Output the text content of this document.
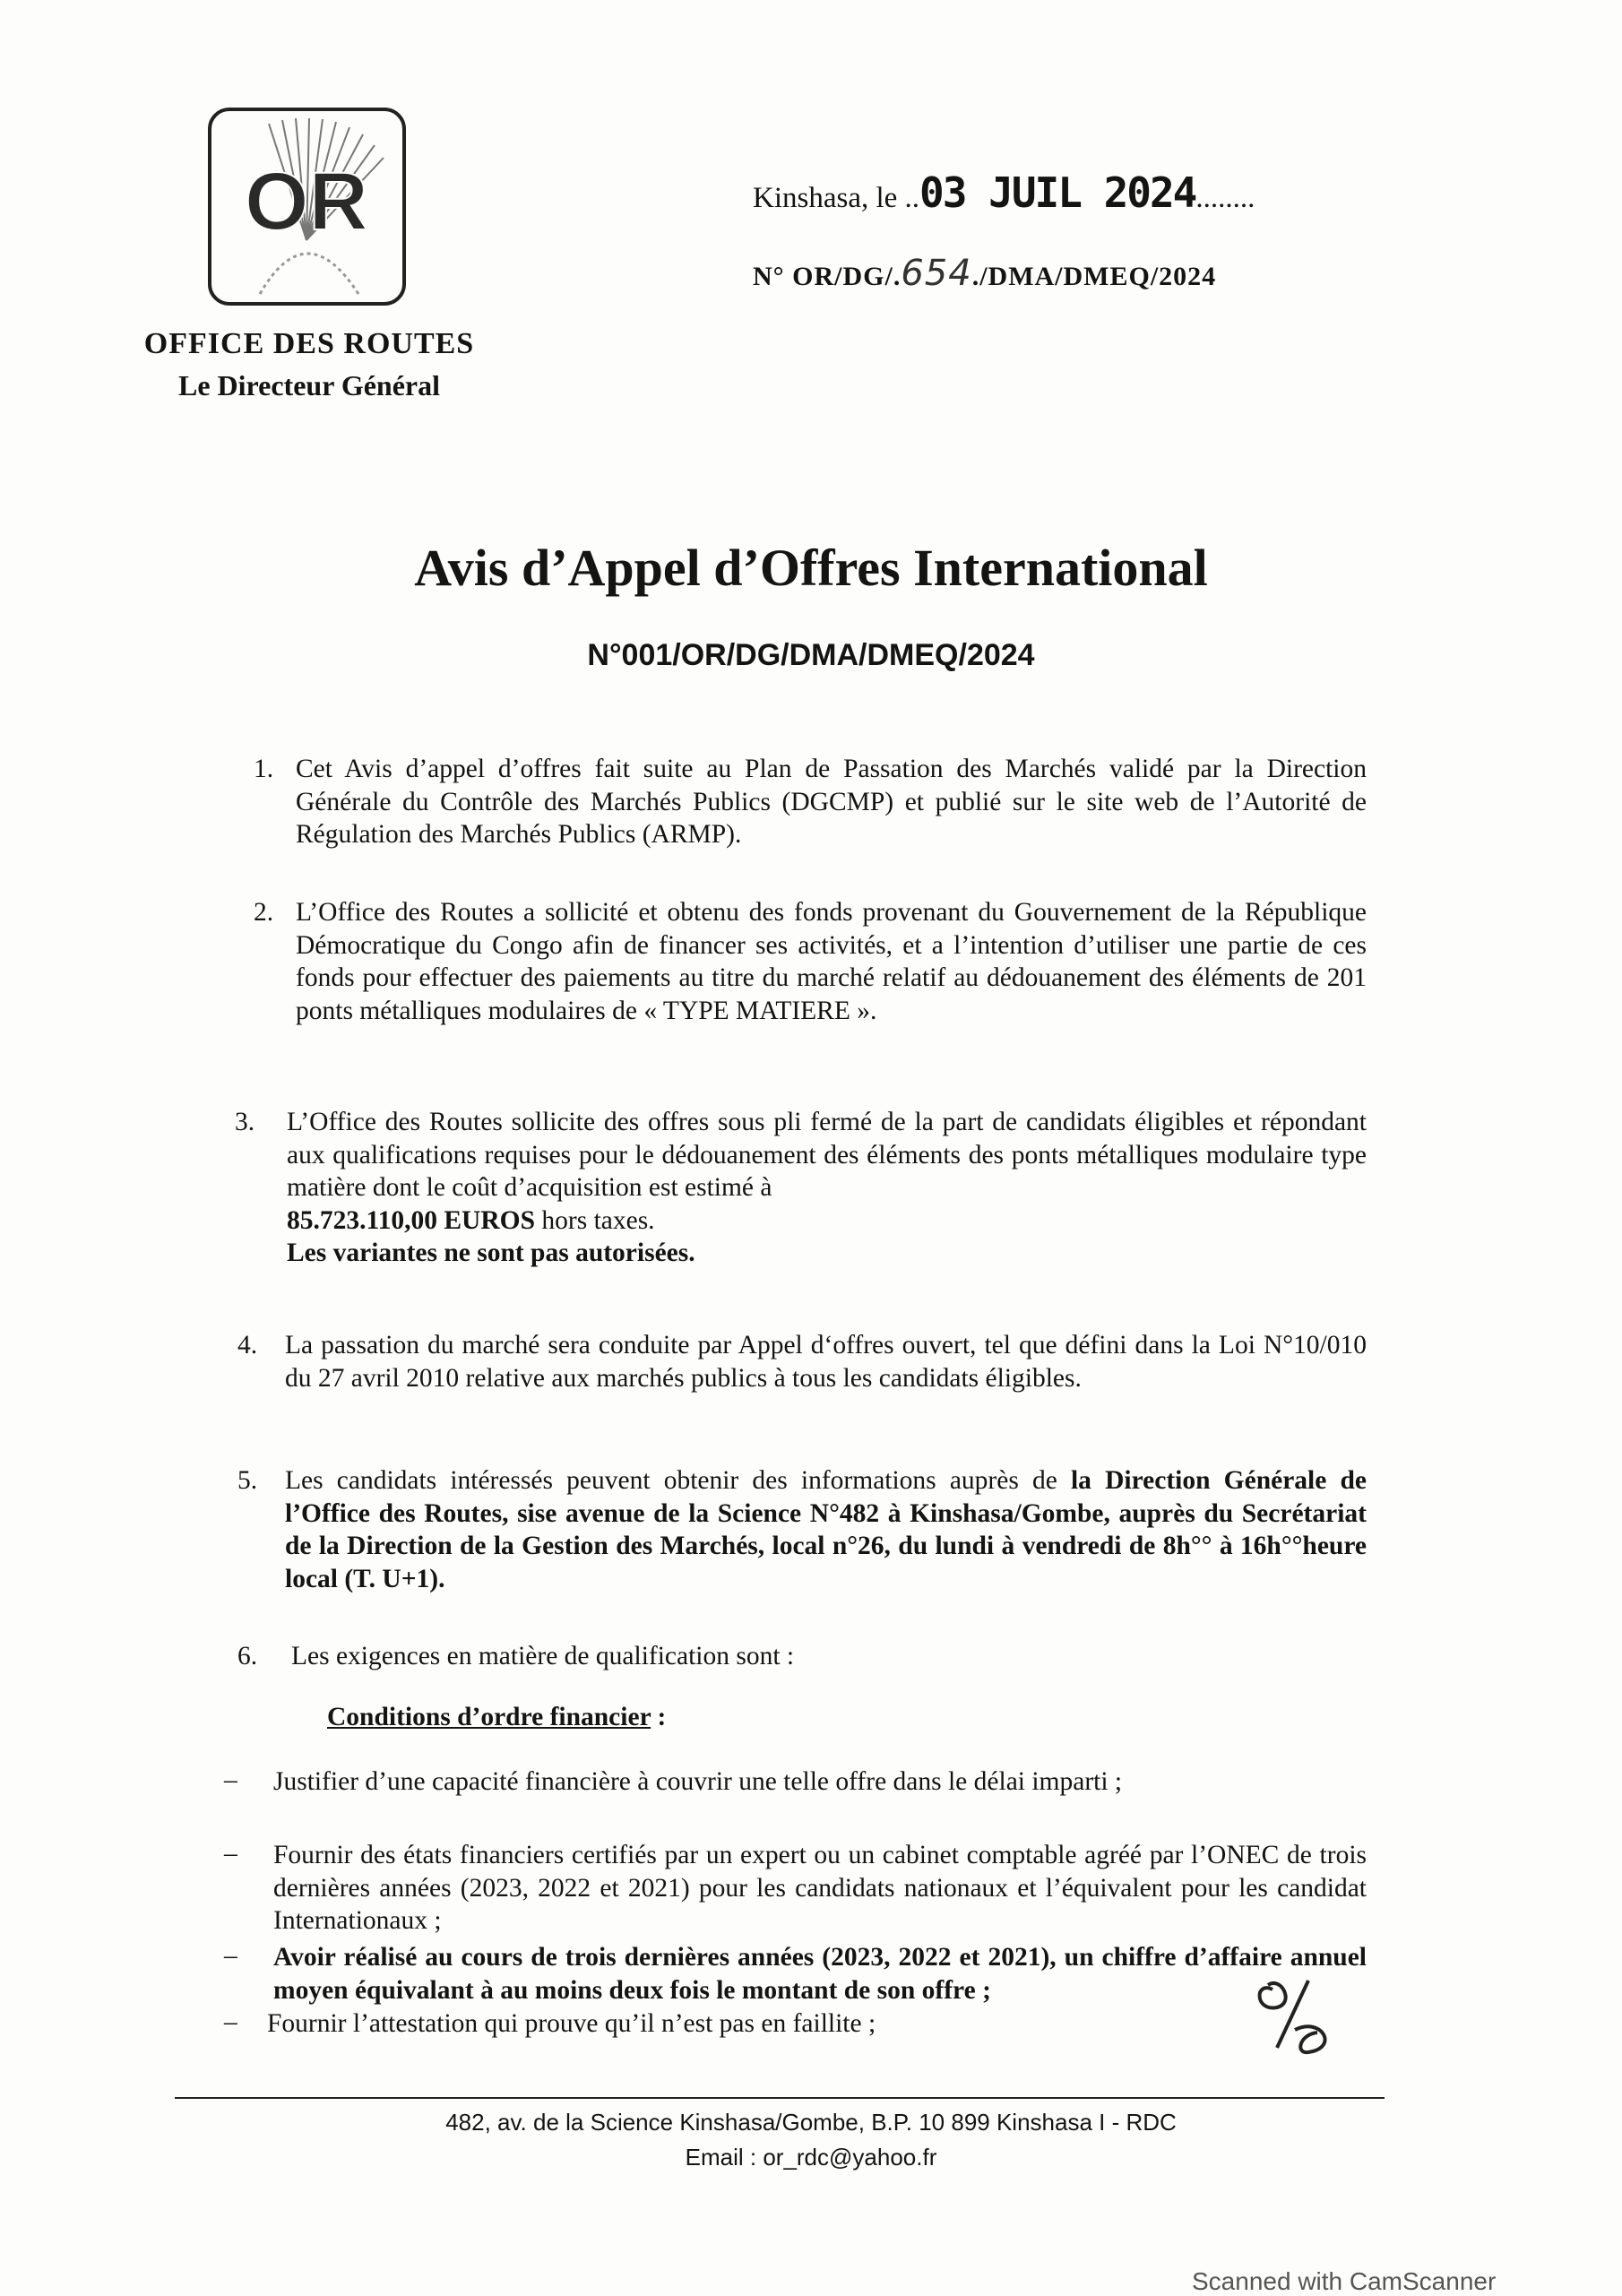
OR
OFFICE DES ROUTES
Le Directeur Général
Kinshasa, le ..03 JUIL 2024........
N° OR/DG/.654./DMA/DMEQ/2024
Avis d’Appel d’Offres International
N°001/OR/DG/DMA/DMEQ/2024
1. Cet Avis d’appel d’offres fait suite au Plan de Passation des Marchés validé par la Direction Générale du Contrôle des Marchés Publics (DGCMP) et publié sur le site web de l’Autorité de Régulation des Marchés Publics (ARMP).
2. L’Office des Routes a sollicité et obtenu des fonds provenant du Gouvernement de la République Démocratique du Congo afin de financer ses activités, et a l’intention d’utiliser une partie de ces fonds pour effectuer des paiements au titre du marché relatif au dédouanement des éléments de 201 ponts métalliques modulaires de « TYPE MATIERE ».
3. L’Office des Routes sollicite des offres sous pli fermé de la part de candidats éligibles et répondant aux qualifications requises pour le dédouanement des éléments des ponts métalliques modulaire type matière dont le coût d’acquisition est estimé à
85.723.110,00 EUROS hors taxes.
Les variantes ne sont pas autorisées.
4. La passation du marché sera conduite par Appel d‘offres ouvert, tel que défini dans la Loi N°10/010 du 27 avril 2010 relative aux marchés publics à tous les candidats éligibles.
5. Les candidats intéressés peuvent obtenir des informations auprès de la Direction Générale de l’Office des Routes, sise avenue de la Science N°482 à Kinshasa/Gombe, auprès du Secrétariat de la Direction de la Gestion des Marchés, local n°26, du lundi à vendredi de 8h°° à 16h°°heure local (T. U+1).
6. Les exigences en matière de qualification sont :
Conditions d’ordre financier :
– Justifier d’une capacité financière à couvrir une telle offre dans le délai imparti ;
– Fournir des états financiers certifiés par un expert ou un cabinet comptable agréé par l’ONEC de trois dernières années (2023, 2022 et 2021) pour les candidats nationaux et l’équivalent pour les candidat Internationaux ;
– Avoir réalisé au cours de trois dernières années (2023, 2022 et 2021), un chiffre d’affaire annuel moyen équivalant à au moins deux fois le montant de son offre ;
– Fournir l’attestation qui prouve qu’il n’est pas en faillite ;
482, av. de la Science Kinshasa/Gombe, B.P. 10 899 Kinshasa I - RDC
Email : or_rdc@yahoo.fr
Scanned with CamScanner
